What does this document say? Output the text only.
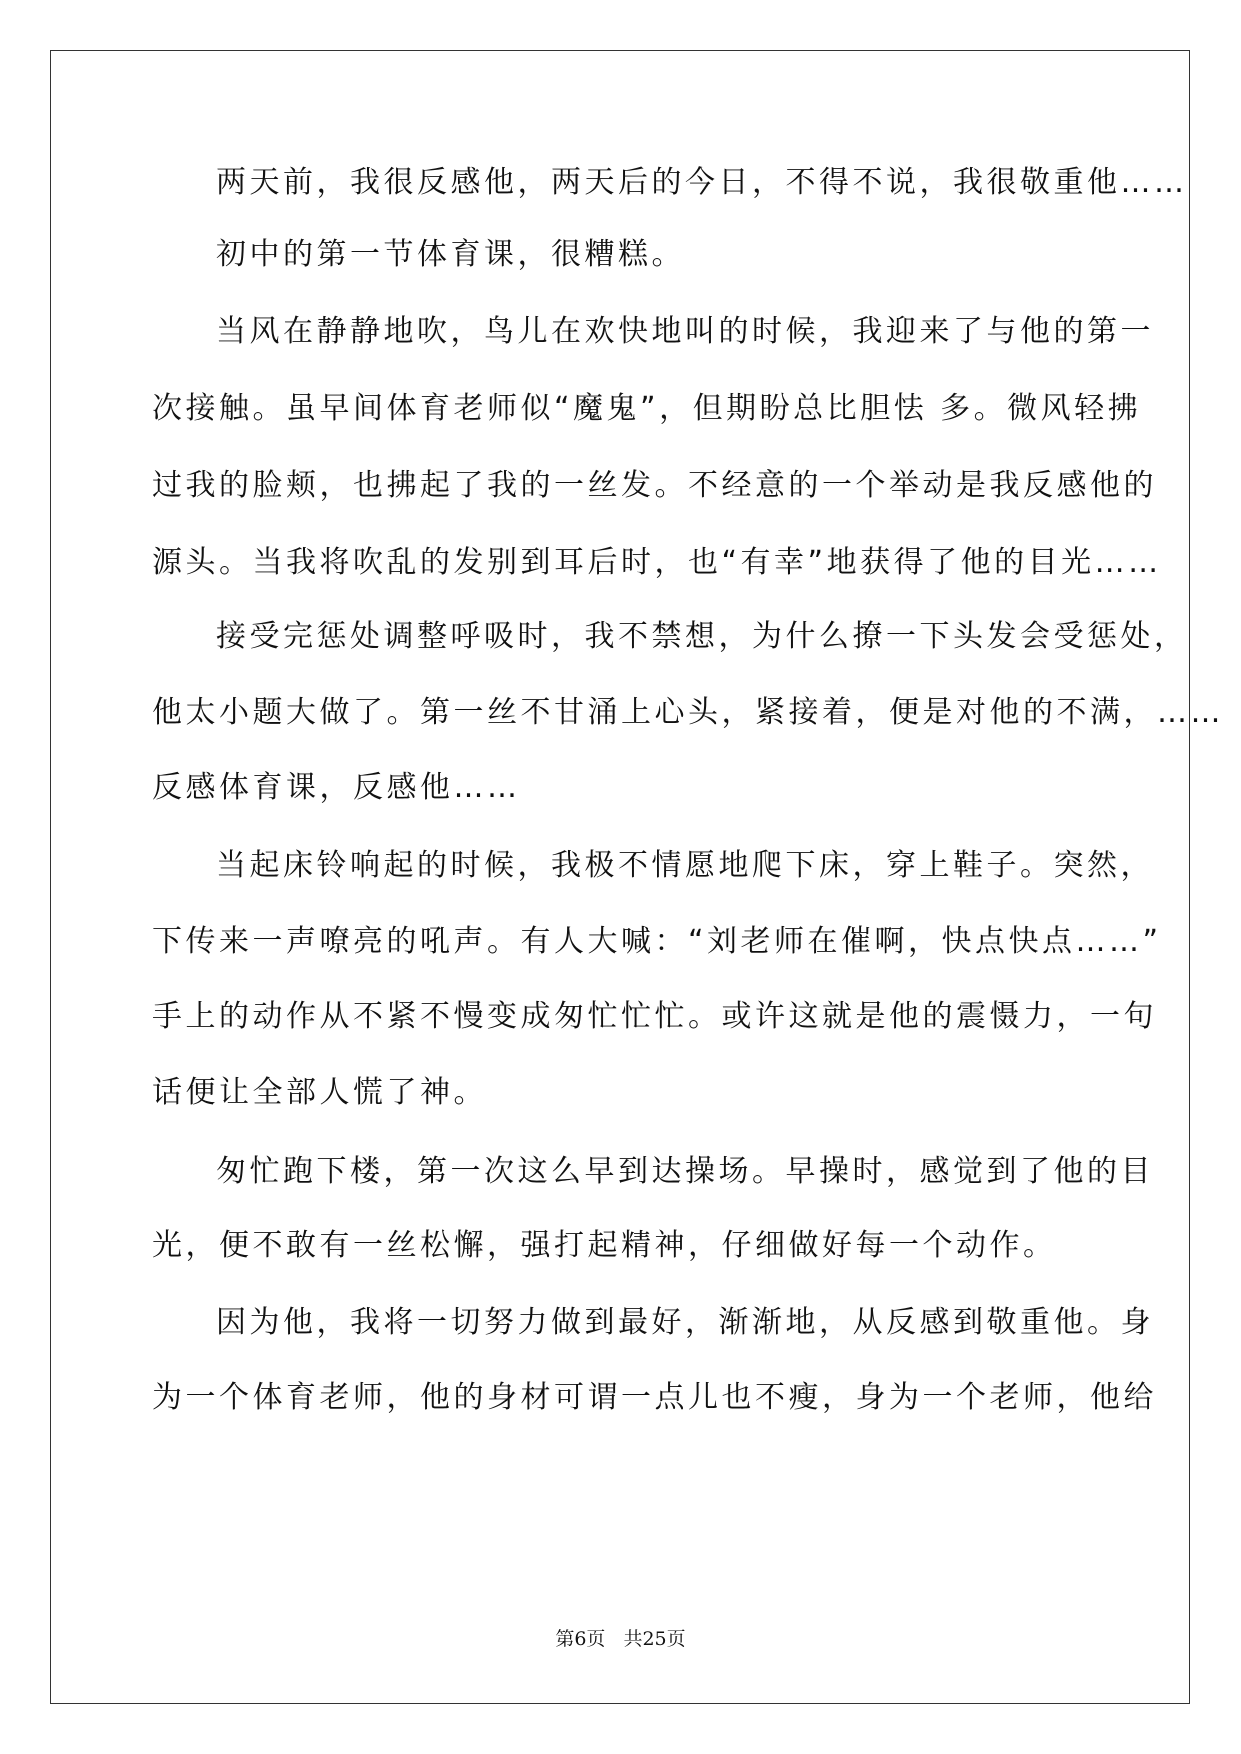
两天前，我很反感他，两天后的今日，不得不说，我很敬重他……
初中的第一节体育课，很糟糕。
当风在静静地吹，鸟儿在欢快地叫的时候，我迎来了与他的第一
次接触。虽早间体育老师似“魔鬼”，但期盼总比胆怯 多。微风轻拂
过我的脸颊，也拂起了我的一丝发。不经意的一个举动是我反感他的
源头。当我将吹乱的发别到耳后时，也“有幸”地获得了他的目光……
接受完惩处调整呼吸时，我不禁想，为什么撩一下头发会受惩处，
他太小题大做了。第一丝不甘涌上心头，紧接着，便是对他的不满，……
反感体育课，反感他……
当起床铃响起的时候，我极不情愿地爬下床，穿上鞋子。突然，
下传来一声嘹亮的吼声。有人大喊：“刘老师在催啊，快点快点……”
手上的动作从不紧不慢变成匆忙忙忙。或许这就是他的震慑力，一句
话便让全部人慌了神。
匆忙跑下楼，第一次这么早到达操场。早操时，感觉到了他的目
光，便不敢有一丝松懈，强打起精神，仔细做好每一个动作。
因为他，我将一切努力做到最好，渐渐地，从反感到敬重他。身
为一个体育老师，他的身材可谓一点儿也不瘦，身为一个老师，他给
第6页 共25页
